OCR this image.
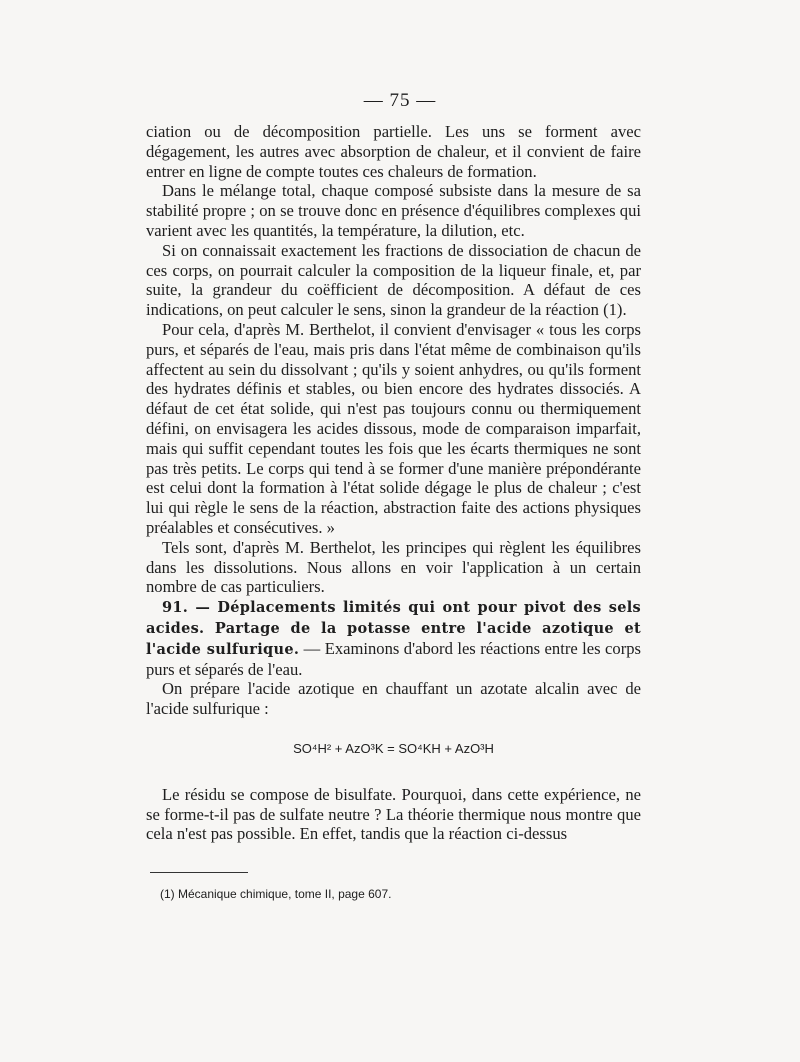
— 75 —

ciation ou de décomposition partielle. Les uns se forment avec dégagement, les autres avec absorption de chaleur, et il convient de faire entrer en ligne de compte toutes ces chaleurs de formation.

Dans le mélange total, chaque composé subsiste dans la mesure de sa stabilité propre ; on se trouve donc en présence d'équilibres complexes qui varient avec les quantités, la température, la dilution, etc.

Si on connaissait exactement les fractions de dissociation de chacun de ces corps, on pourrait calculer la composition de la liqueur finale, et, par suite, la grandeur du coëfficient de décomposition. A défaut de ces indications, on peut calculer le sens, sinon la grandeur de la réaction (1).

Pour cela, d'après M. Berthelot, il convient d'envisager « tous les corps purs, et séparés de l'eau, mais pris dans l'état même de combinaison qu'ils affectent au sein du dissolvant ; qu'ils y soient anhydres, ou qu'ils forment des hydrates définis et stables, ou bien encore des hydrates dissociés. A défaut de cet état solide, qui n'est pas toujours connu ou thermiquement défini, on envisagera les acides dissous, mode de comparaison imparfait, mais qui suffit cependant toutes les fois que les écarts thermiques ne sont pas très petits. Le corps qui tend à se former d'une manière prépondérante est celui dont la formation à l'état solide dégage le plus de chaleur ; c'est lui qui règle le sens de la réaction, abstraction faite des actions physiques préalables et consécutives. »

Tels sont, d'après M. Berthelot, les principes qui règlent les équilibres dans les dissolutions. Nous allons en voir l'application à un certain nombre de cas particuliers.

91. — Déplacements limités qui ont pour pivot des sels acides. Partage de la potasse entre l'acide azotique et l'acide sulfurique. — Examinons d'abord les réactions entre les corps purs et séparés de l'eau.

On prépare l'acide azotique en chauffant un azotate alcalin avec de l'acide sulfurique :

SO⁴H² + AzO³K = SO⁴KH + AzO³H

Le résidu se compose de bisulfate. Pourquoi, dans cette expérience, ne se forme-t-il pas de sulfate neutre ? La théorie thermique nous montre que cela n'est pas possible. En effet, tandis que la réaction ci-dessus

(1) Mécanique chimique, tome II, page 607.
